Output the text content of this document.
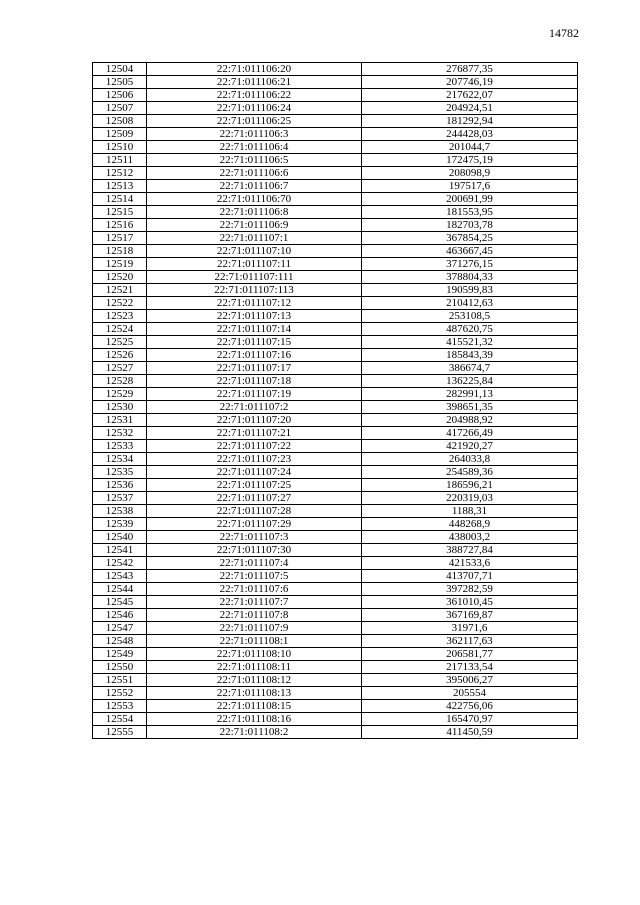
14782
12504	22:71:011106:20	276877,35
12505	22:71:011106:21	207746,19
12506	22:71:011106:22	217622,07
12507	22:71:011106:24	204924,51
12508	22:71:011106:25	181292,94
12509	22:71:011106:3	244428,03
12510	22:71:011106:4	201044,7
12511	22:71:011106:5	172475,19
12512	22:71:011106:6	208098,9
12513	22:71:011106:7	197517,6
12514	22:71:011106:70	200691,99
12515	22:71:011106:8	181553,95
12516	22:71:011106:9	182703,78
12517	22:71:011107:1	367854,25
12518	22:71:011107:10	463667,45
12519	22:71:011107:11	371276,15
12520	22:71:011107:111	378804,33
12521	22:71:011107:113	190599,83
12522	22:71:011107:12	210412,63
12523	22:71:011107:13	253108,5
12524	22:71:011107:14	487620,75
12525	22:71:011107:15	415521,32
12526	22:71:011107:16	185843,39
12527	22:71:011107:17	386674,7
12528	22:71:011107:18	136225,84
12529	22:71:011107:19	282991,13
12530	22:71:011107:2	398651,35
12531	22:71:011107:20	204988,92
12532	22:71:011107:21	417266,49
12533	22:71:011107:22	421920,27
12534	22:71:011107:23	264033,8
12535	22:71:011107:24	254589,36
12536	22:71:011107:25	186596,21
12537	22:71:011107:27	220319,03
12538	22:71:011107:28	1188,31
12539	22:71:011107:29	448268,9
12540	22:71:011107:3	438003,2
12541	22:71:011107:30	388727,84
12542	22:71:011107:4	421533,6
12543	22:71:011107:5	413707,71
12544	22:71:011107:6	397282,59
12545	22:71:011107:7	361010,45
12546	22:71:011107:8	367169,87
12547	22:71:011107:9	31971,6
12548	22:71:011108:1	362117,63
12549	22:71:011108:10	206581,77
12550	22:71:011108:11	217133,54
12551	22:71:011108:12	395006,27
12552	22:71:011108:13	205554
12553	22:71:011108:15	422756,06
12554	22:71:011108:16	165470,97
12555	22:71:011108:2	411450,59
